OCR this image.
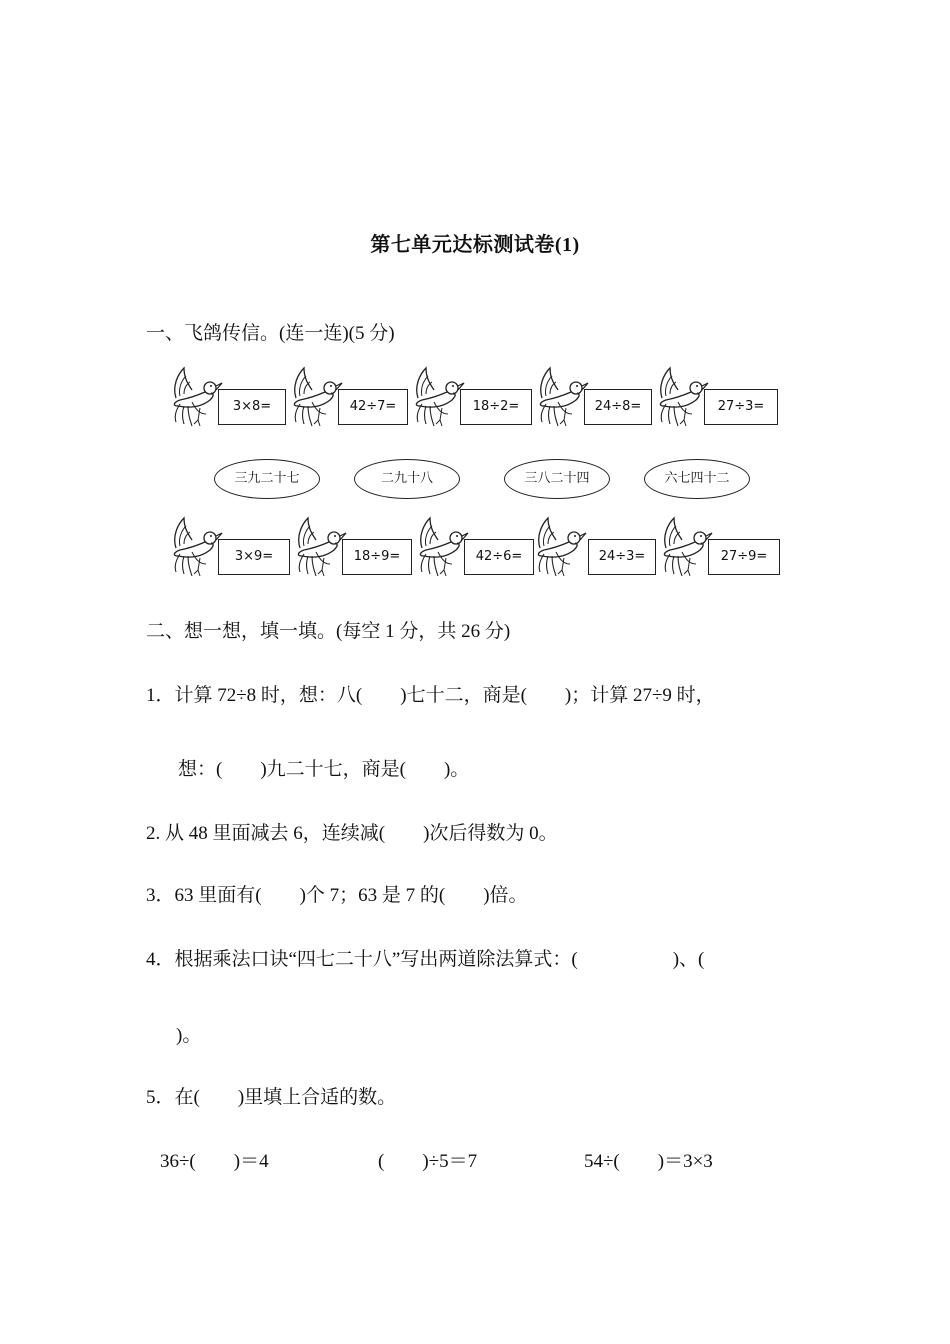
第七单元达标测试卷(1)
一、飞鸽传信。(连一连)(5 分)
3×8=	42÷7=	18÷2=	24÷8=	27÷3=
三九二十七	二九十八	三八二十四	六七四十二
3×9=	18÷9=	42÷6=	24÷3=	27÷9=
二、想一想，填一填。(每空 1 分，共 26 分)
1．计算 72÷8 时，想：八(　　)七十二，商是(　　)；计算 27÷9 时，
想：(　　)九二十七，商是(　　)。
2. 从 48 里面减去 6，连续减(　　)次后得数为 0。
3．63 里面有(　　)个 7；63 是 7 的(　　)倍。
4．根据乘法口诀“四七二十八”写出两道除法算式：(　　　　　)、(
)。
5．在(　　)里填上合适的数。
36÷(　　)＝4	(　　)÷5＝7	54÷(　　)＝3×3
